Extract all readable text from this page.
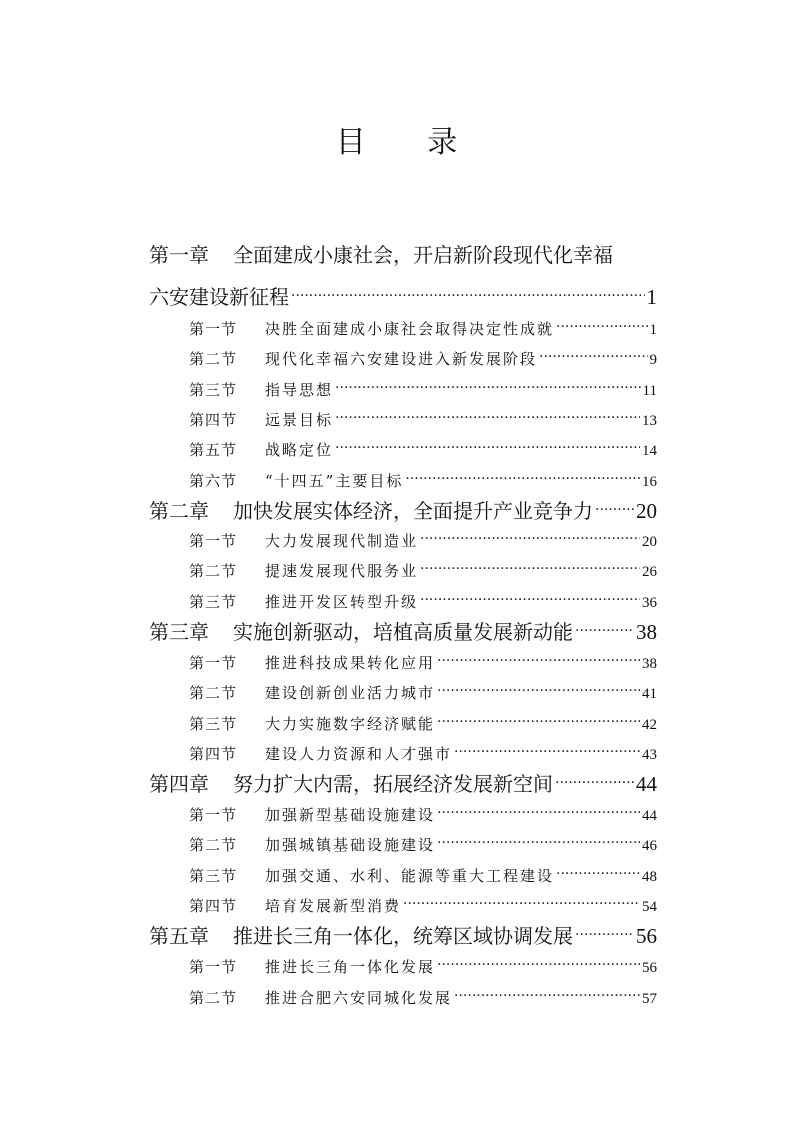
目 录
第一章 全面建成小康社会，开启新阶段现代化幸福
六安建设新征程 .....	1
第一节	决胜全面建成小康社会取得决定性成就 .....	1
第二节	现代化幸福六安建设进入新发展阶段 .....	9
第三节	指导思想 .....	11
第四节	远景目标 .....	13
第五节	战略定位 .....	14
第六节	“十四五”主要目标 .....	16
第二章 加快发展实体经济，全面提升产业竞争力 ..... 20
第一节	大力发展现代制造业 .....	20
第二节	提速发展现代服务业 .....	26
第三节	推进开发区转型升级 .....	36
第三章 实施创新驱动，培植高质量发展新动能 .....	38
第一节	推进科技成果转化应用 .....	38
第二节	建设创新创业活力城市 .....	41
第三节	大力实施数字经济赋能 .....	42
第四节	建设人力资源和人才强市 .....	43
第四章 努力扩大内需，拓展经济发展新空间 .....	44
第一节	加强新型基础设施建设 .....	44
第二节	加强城镇基础设施建设 .....	46
第三节	加强交通、水利、能源等重大工程建设 .....	48
第四节	培育发展新型消费 .....	54
第五章 推进长三角一体化，统筹区域协调发展 .....	56
第一节	推进长三角一体化发展 .....	56
第二节	推进合肥六安同城化发展 .....	57
